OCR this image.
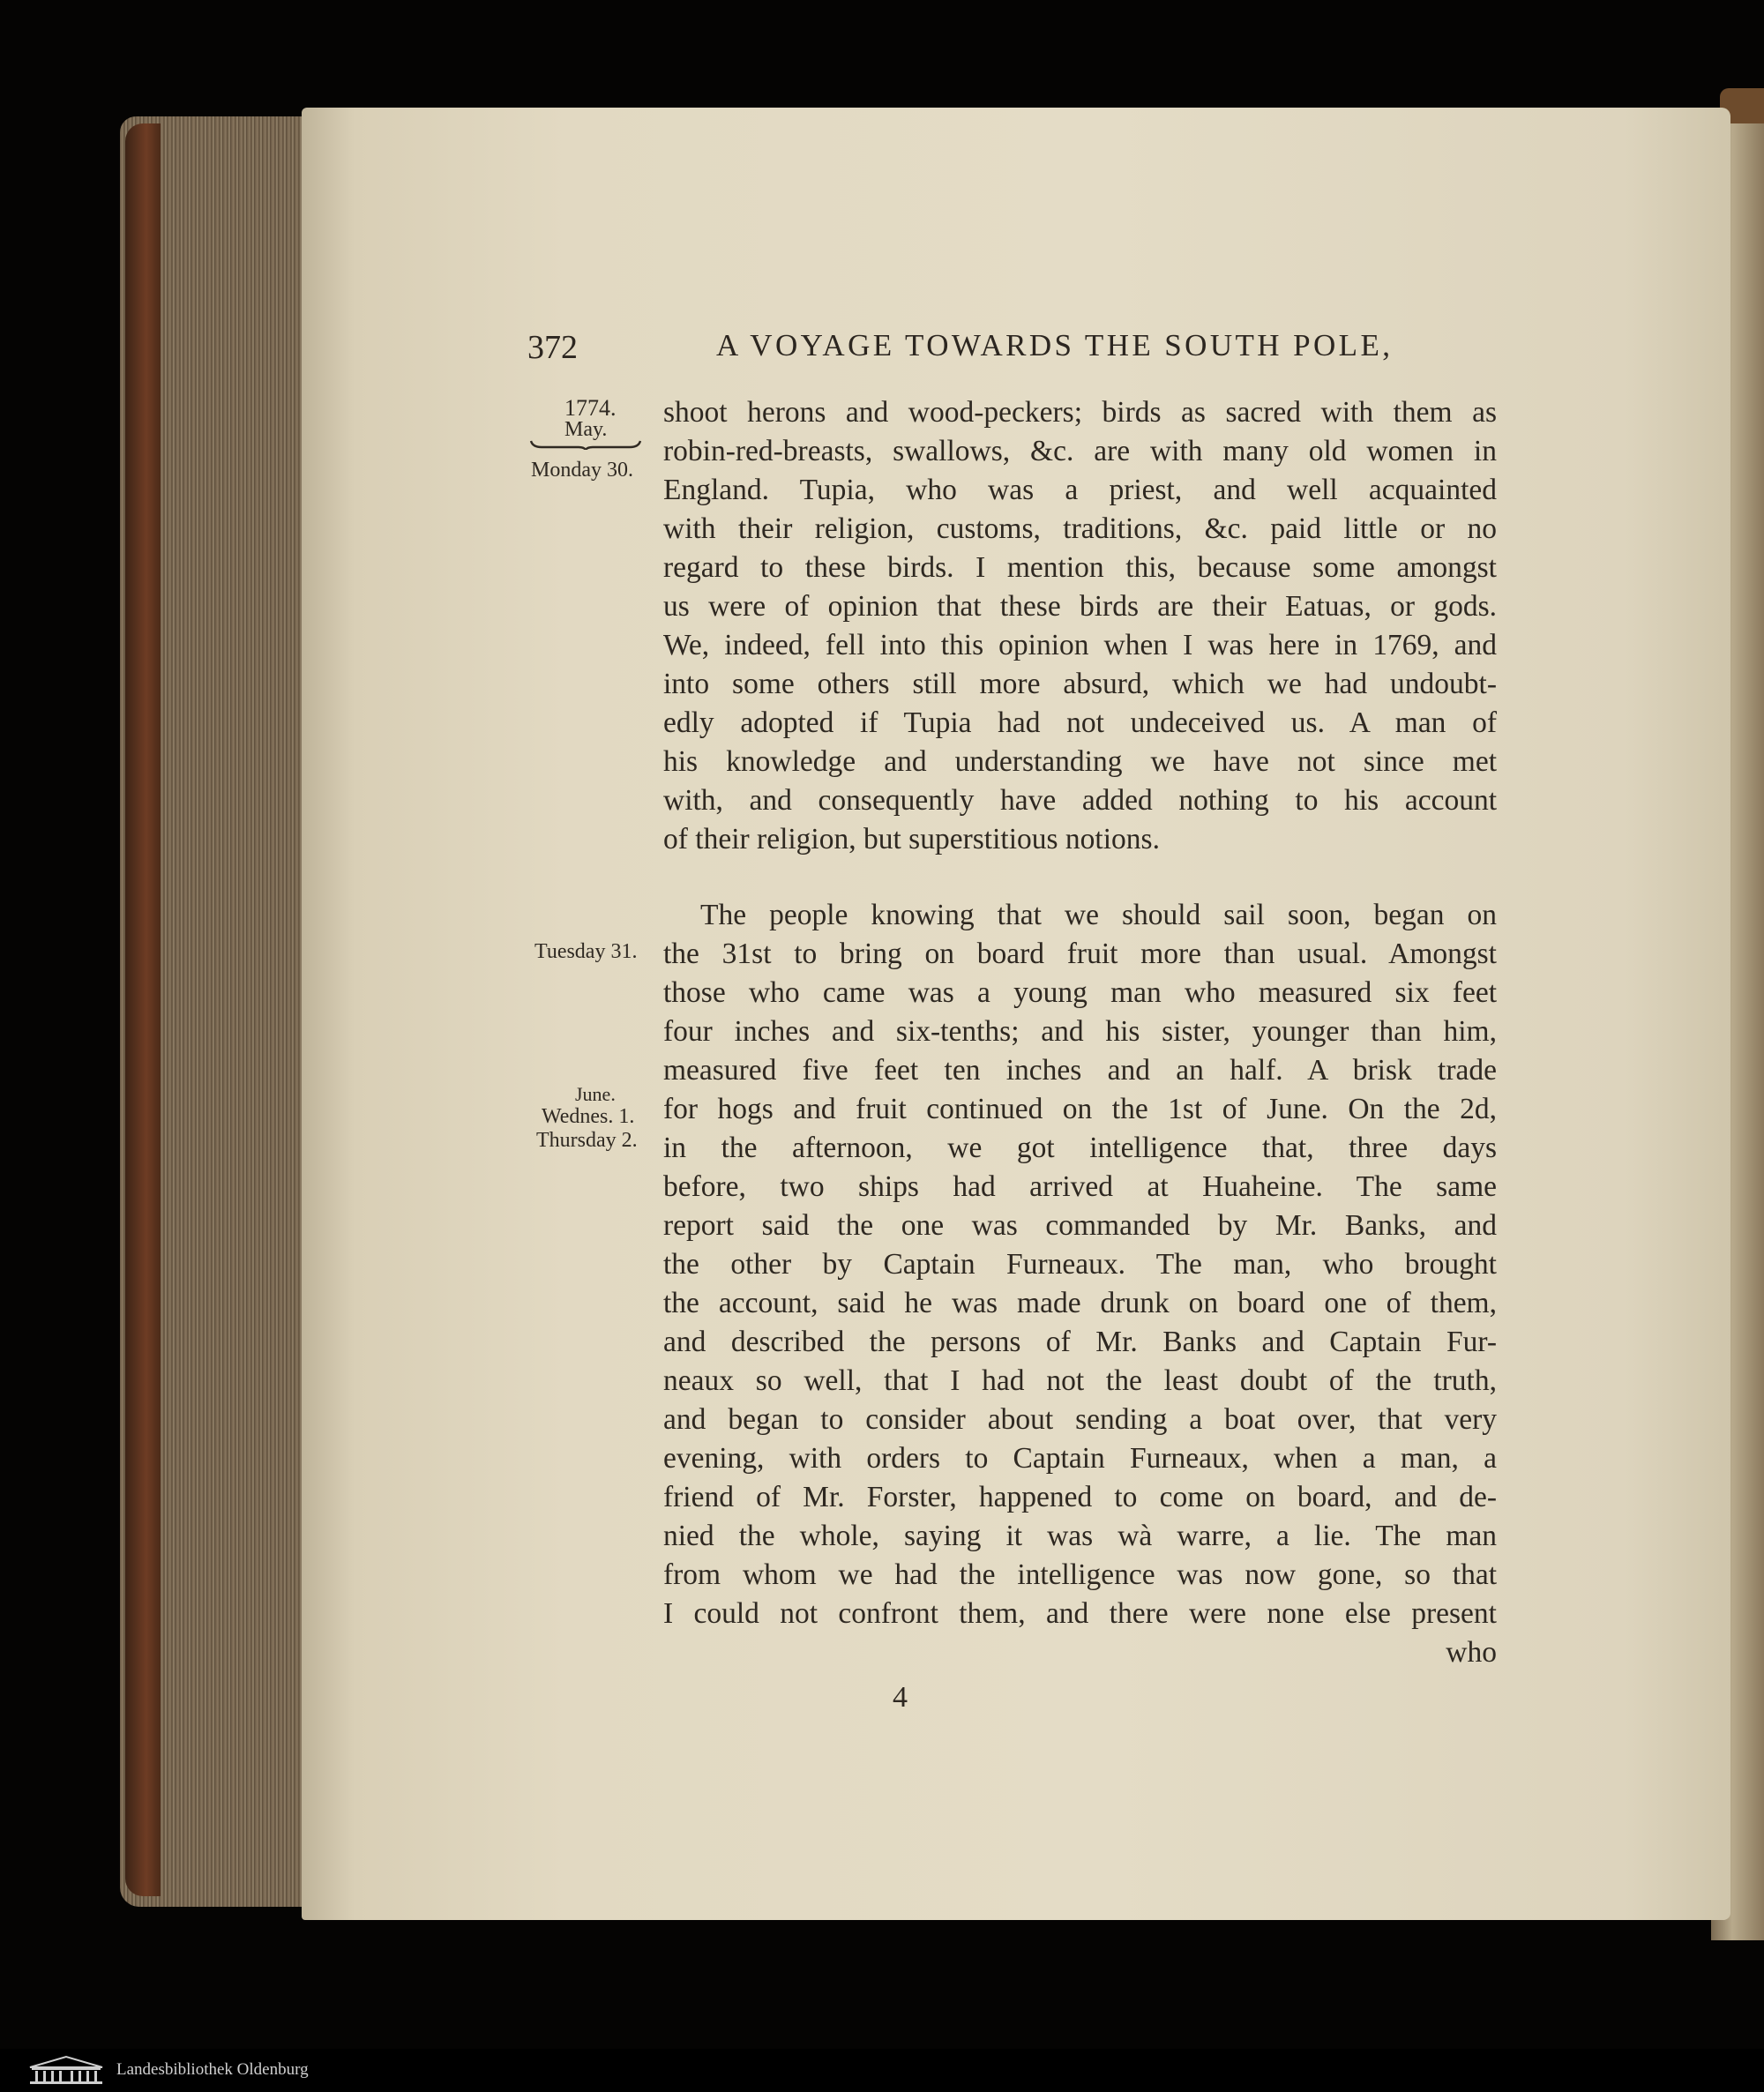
372	A VOYAGE TOWARDS THE SOUTH POLE,
1774.
May.
Monday 30.
Tuesday 31.
June.
Wednes. 1.
Thursday 2.
shoot herons and wood-peckers; birds as sacred with them as
robin-red-breasts, swallows, &c. are with many old women in
England. Tupia, who was a priest, and well acquainted
with their religion, customs, traditions, &c. paid little or no
regard to these birds. I mention this, because some amongst
us were of opinion that these birds are their Eatuas, or gods.
We, indeed, fell into this opinion when I was here in 1769, and
into some others still more absurd, which we had undoubt-
edly adopted if Tupia had not undeceived us. A man of
his knowledge and understanding we have not since met
with, and consequently have added nothing to his account
of their religion, but superstitious notions.
The people knowing that we should sail soon, began on
the 31st to bring on board fruit more than usual. Amongst
those who came was a young man who measured six feet
four inches and six-tenths; and his sister, younger than him,
measured five feet ten inches and an half. A brisk trade
for hogs and fruit continued on the 1st of June. On the 2d,
in the afternoon, we got intelligence that, three days
before, two ships had arrived at Huaheine. The same
report said the one was commanded by Mr. Banks, and
the other by Captain Furneaux. The man, who brought
the account, said he was made drunk on board one of them,
and described the persons of Mr. Banks and Captain Fur-
neaux so well, that I had not the least doubt of the truth,
and began to consider about sending a boat over, that very
evening, with orders to Captain Furneaux, when a man, a
friend of Mr. Forster, happened to come on board, and de-
nied the whole, saying it was wà warre, a lie. The man
from whom we had the intelligence was now gone, so that
I could not confront them, and there were none else present
who
4
Landesbibliothek Oldenburg
